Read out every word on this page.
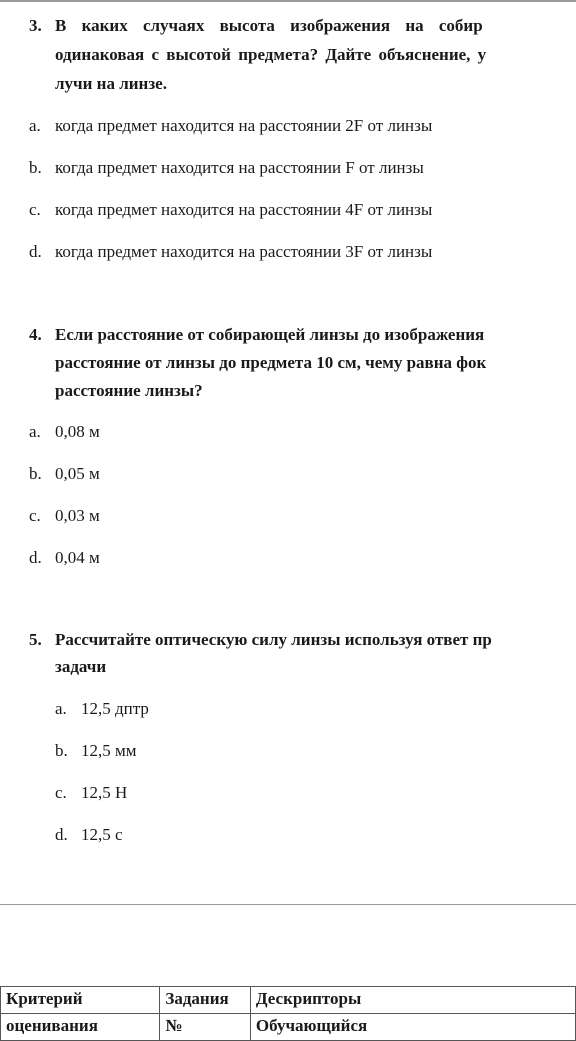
3. В каких случаях высота изображения на собир
одинаковая с высотой предмета? Дайте объяснение, у
лучи на линзе.
a. когда предмет находится на расстоянии 2F от линзы
b. когда предмет находится на расстоянии F от линзы
c. когда предмет находится на расстоянии 4F от линзы
d. когда предмет находится на расстоянии 3F от линзы
4. Если расстояние от собирающей линзы до изображения
расстояние от линзы до предмета 10 см, чему равна фок
расстояние линзы?
a. 0,08 м
b. 0,05 м
c. 0,03 м
d. 0,04 м
5. Рассчитайте оптическую силу линзы используя ответ пр
задачи
a. 12,5 дптр
b. 12,5 мм
c. 12,5 Н
d. 12,5 с
Критерий	Задания	Дескрипторы
оценивания	№	Обучающийся
